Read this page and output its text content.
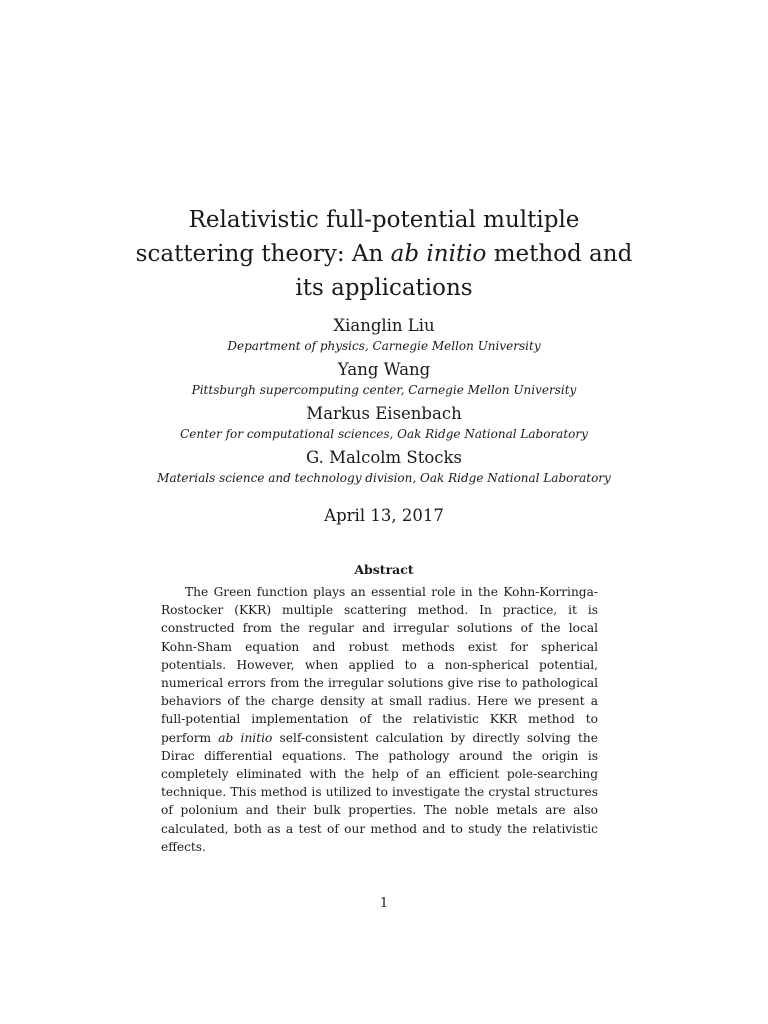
Relativistic full-potential multiple scattering theory: An ab initio method and its applications

Xianglin Liu

Department of physics, Carnegie Mellon University

Yang Wang

Pittsburgh supercomputing center, Carnegie Mellon University

Markus Eisenbach

Center for computational sciences, Oak Ridge National Laboratory

G. Malcolm Stocks

Materials science and technology division, Oak Ridge National Laboratory

April 13, 2017

Abstract

The Green function plays an essential role in the Kohn-Korringa-Rostocker (KKR) multiple scattering method. In practice, it is constructed from the regular and irregular solutions of the local Kohn-Sham equation and robust methods exist for spherical potentials. However, when applied to a non-spherical potential, numerical errors from the irregular solutions give rise to pathological behaviors of the charge density at small radius. Here we present a full-potential implementation of the relativistic KKR method to perform ab initio self-consistent calculation by directly solving the Dirac differential equations. The pathology around the origin is completely eliminated with the help of an efficient pole-searching technique. This method is utilized to investigate the crystal structures of polonium and their bulk properties. The noble metals are also calculated, both as a test of our method and to study the relativistic effects.

1
